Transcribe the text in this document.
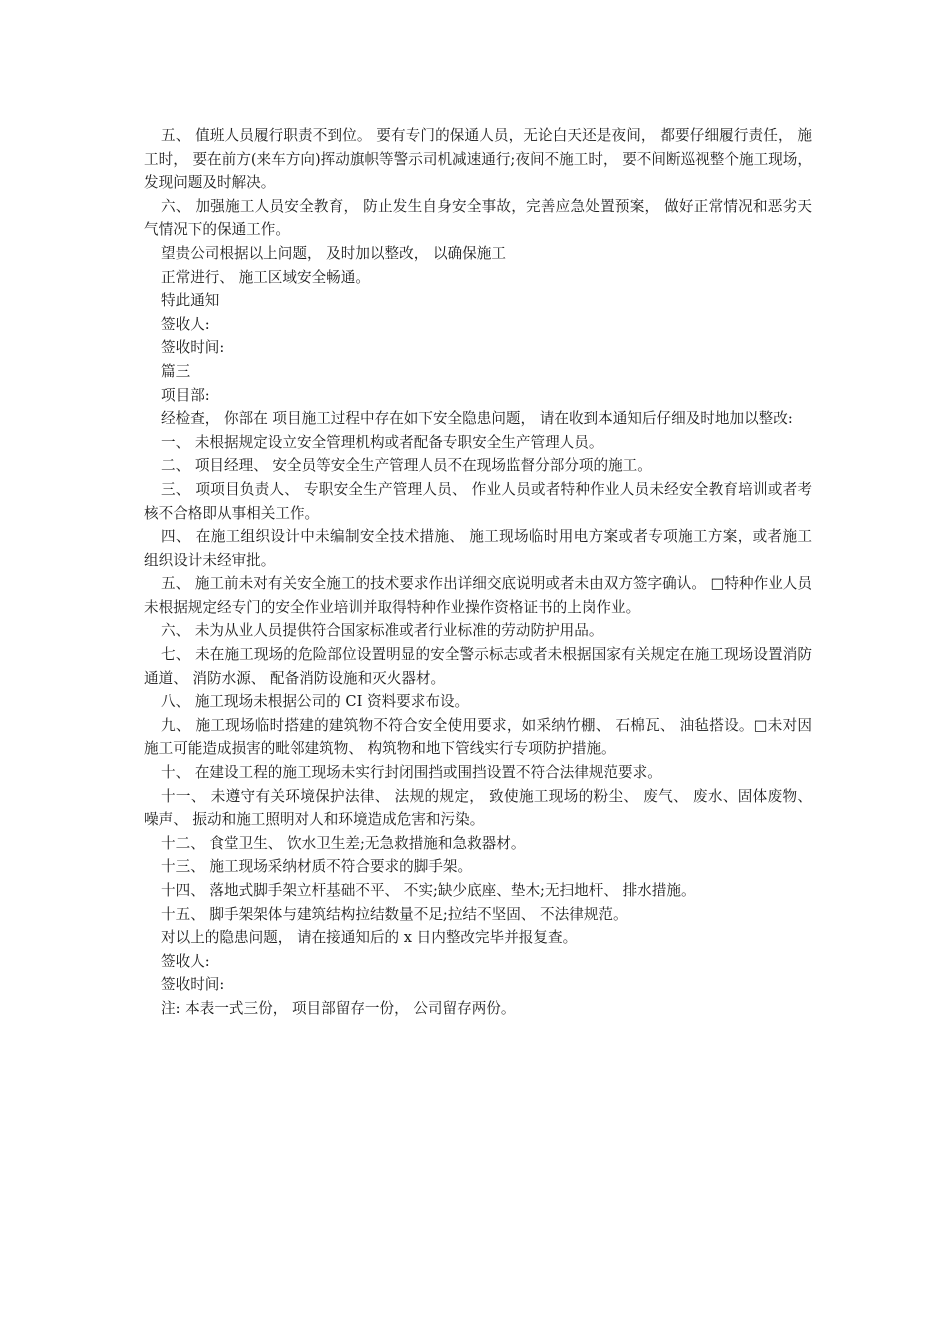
五、 值班人员履行职责不到位。 要有专门的保通人员，无论白天还是夜间， 都要仔细履行责任， 施工时， 要在前方(来车方向)挥动旗帜等警示司机减速通行;夜间不施工时， 要不间断巡视整个施工现场， 发现问题及时解决。

六、 加强施工人员安全教育， 防止发生自身安全事故，完善应急处置预案， 做好正常情况和恶劣天气情况下的保通工作。

望贵公司根据以上问题， 及时加以整改， 以确保施工

正常进行、 施工区域安全畅通。

特此通知

签收人:

签收时间:

篇三

项目部:

经检查， 你部在 项目施工过程中存在如下安全隐患问题， 请在收到本通知后仔细及时地加以整改:

一、 未根据规定设立安全管理机构或者配备专职安全生产管理人员。

二、 项目经理、 安全员等安全生产管理人员不在现场监督分部分项的施工。

三、 项项目负责人、 专职安全生产管理人员、 作业人员或者特种作业人员未经安全教育培训或者考核不合格即从事相关工作。

四、 在施工组织设计中未编制安全技术措施、 施工现场临时用电方案或者专项施工方案，或者施工组织设计未经审批。

五、 施工前未对有关安全施工的技术要求作出详细交底说明或者未由双方签字确认。 □特种作业人员未根据规定经专门的安全作业培训并取得特种作业操作资格证书的上岗作业。

六、 未为从业人员提供符合国家标准或者行业标准的劳动防护用品。

七、 未在施工现场的危险部位设置明显的安全警示标志或者未根据国家有关规定在施工现场设置消防通道、 消防水源、 配备消防设施和灭火器材。

八、 施工现场未根据公司的 CI 资料要求布设。

九、 施工现场临时搭建的建筑物不符合安全使用要求，如采纳竹棚、 石棉瓦、 油毡搭设。□未对因施工可能造成损害的毗邻建筑物、 构筑物和地下管线实行专项防护措施。

十、 在建设工程的施工现场未实行封闭围挡或围挡设置不符合法律规范要求。

十一、 未遵守有关环境保护法律、 法规的规定， 致使施工现场的粉尘、 废气、 废水、固体废物、 噪声、 振动和施工照明对人和环境造成危害和污染。

十二、 食堂卫生、 饮水卫生差;无急救措施和急救器材。

十三、 施工现场采纳材质不符合要求的脚手架。

十四、 落地式脚手架立杆基础不平、 不实;缺少底座、垫木;无扫地杆、 排水措施。

十五、 脚手架架体与建筑结构拉结数量不足;拉结不坚固、 不法律规范。

对以上的隐患问题， 请在接通知后的 x 日内整改完毕并报复查。

签收人:

签收时间:

注: 本表一式三份， 项目部留存一份， 公司留存两份。
